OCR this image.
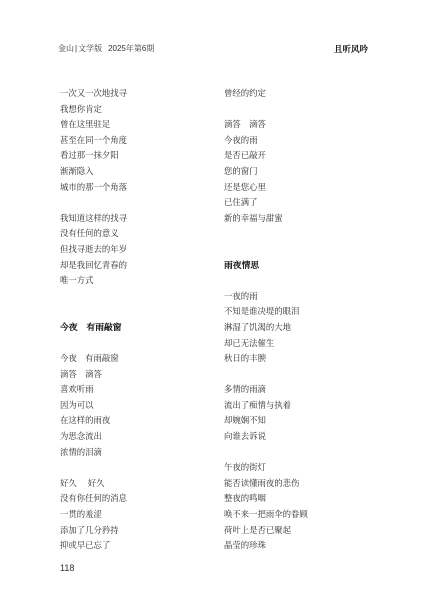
金山|文学版 2025年第6期	且听风吟
一次又一次地找寻
我想你肯定
曾在这里驻足
甚至在同一个角度
看过那一抹夕阳
渐渐隐入
城市的那一个角落
我知道这样的找寻
没有任何的意义
但找寻逝去的年岁
却是我回忆青春的
唯一方式
今夜　有雨敲窗
今夜　有雨敲窗
滴答　滴答
喜欢听雨
因为可以
在这样的雨夜
为思念流出
浓情的泪滴
好久　 好久
没有你任何的消息
一贯的羞涩
添加了几分矜持
抑或早已忘了
曾经的约定
滴答　滴答
今夜的雨
是否已敲开
您的窗门
还是您心里
已住满了
新的幸福与甜蜜
雨夜情思
一夜的雨
不知是谁决堤的眼泪
淋湿了饥渴的大地
却已无法催生
秋日的丰腴
多情的雨滴
流出了痴情与执着
却婉娴不知
向谁去诉说
午夜的街灯
能否读懂雨夜的悲伤
整夜的鸣咽
唤不来一把雨伞的眷顾
荷叶上是否已聚起
晶莹的珍珠
118
